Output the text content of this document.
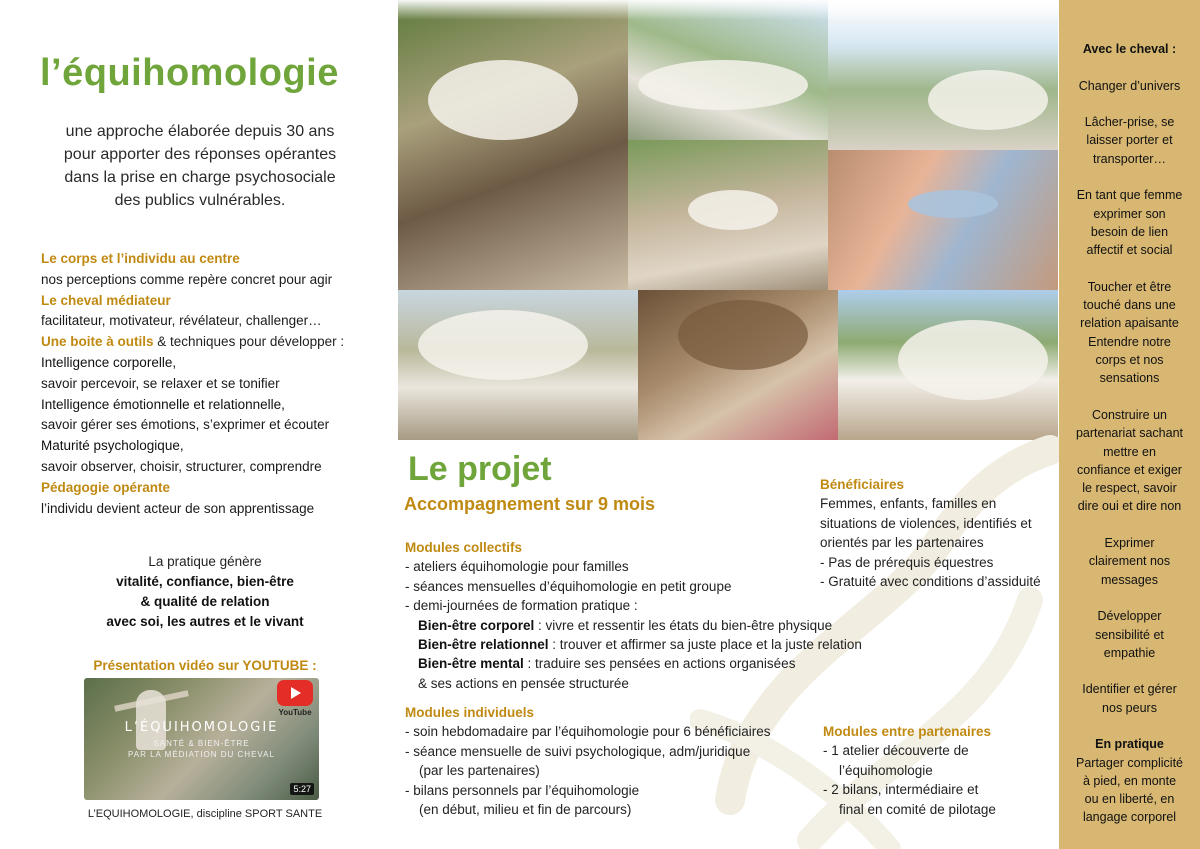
l’équihomologie
une approche élaborée depuis 30 ans
pour apporter des réponses opérantes
dans la prise en charge psychosociale
des publics vulnérables.
Le corps et l’individu au centre
nos perceptions comme repère concret pour agir
Le cheval médiateur
facilitateur, motivateur, révélateur, challenger…
Une boite à outils & techniques pour développer :
Intelligence corporelle,
savoir percevoir, se relaxer et se tonifier
Intelligence émotionnelle et relationnelle,
savoir gérer ses émotions, s’exprimer et écouter
Maturité psychologique,
savoir observer, choisir, structurer, comprendre
Pédagogie opérante
l’individu devient acteur de son apprentissage
La pratique génère
vitalité, confiance, bien-être
& qualité de relation
avec soi, les autres et le vivant
Présentation vidéo sur YOUTUBE :
L’ÉQUIHOMOLOGIE
SANTÉ & BIEN-ÊTRE
PAR LA MÉDIATION DU CHEVAL
5:27
YouTube
L’EQUIHOMOLOGIE, discipline SPORT SANTE
Le projet
Accompagnement sur 9 mois
Modules collectifs
- ateliers équihomologie pour familles
- séances mensuelles d’équihomologie en petit groupe
- demi-journées de formation pratique :
Bien-être corporel : vivre et ressentir les états du bien-être physique
Bien-être relationnel : trouver et affirmer sa juste place et la juste relation
Bien-être mental : traduire ses pensées en actions organisées
& ses actions en pensée structurée
Modules individuels
- soin hebdomadaire par l’équihomologie pour 6 bénéficiaires
- séance mensuelle de suivi psychologique, adm/juridique
(par les partenaires)
- bilans personnels par l’équihomologie
(en début, milieu et fin de parcours)
Bénéficiaires
Femmes, enfants, familles en
situations de violences, identifiés et
orientés par les partenaires
- Pas de prérequis équestres
- Gratuité avec conditions d’assiduité
Modules entre partenaires
- 1 atelier découverte de
l’équihomologie
- 2 bilans, intermédiaire et
final en comité de pilotage
Avec le cheval :
Changer d’univers
Lâcher-prise, se
laisser porter et
transporter…
En tant que femme
exprimer son
besoin de lien
affectif et social
Toucher et être
touché dans une
relation apaisante
Entendre notre
corps et nos
sensations
Construire un
partenariat sachant
mettre en
confiance et exiger
le respect, savoir
dire oui et dire non
Exprimer
clairement nos
messages
Développer
sensibilité et
empathie
Identifier et gérer
nos peurs
En pratique
Partager complicité
à pied, en monte
ou en liberté, en
langage corporel
